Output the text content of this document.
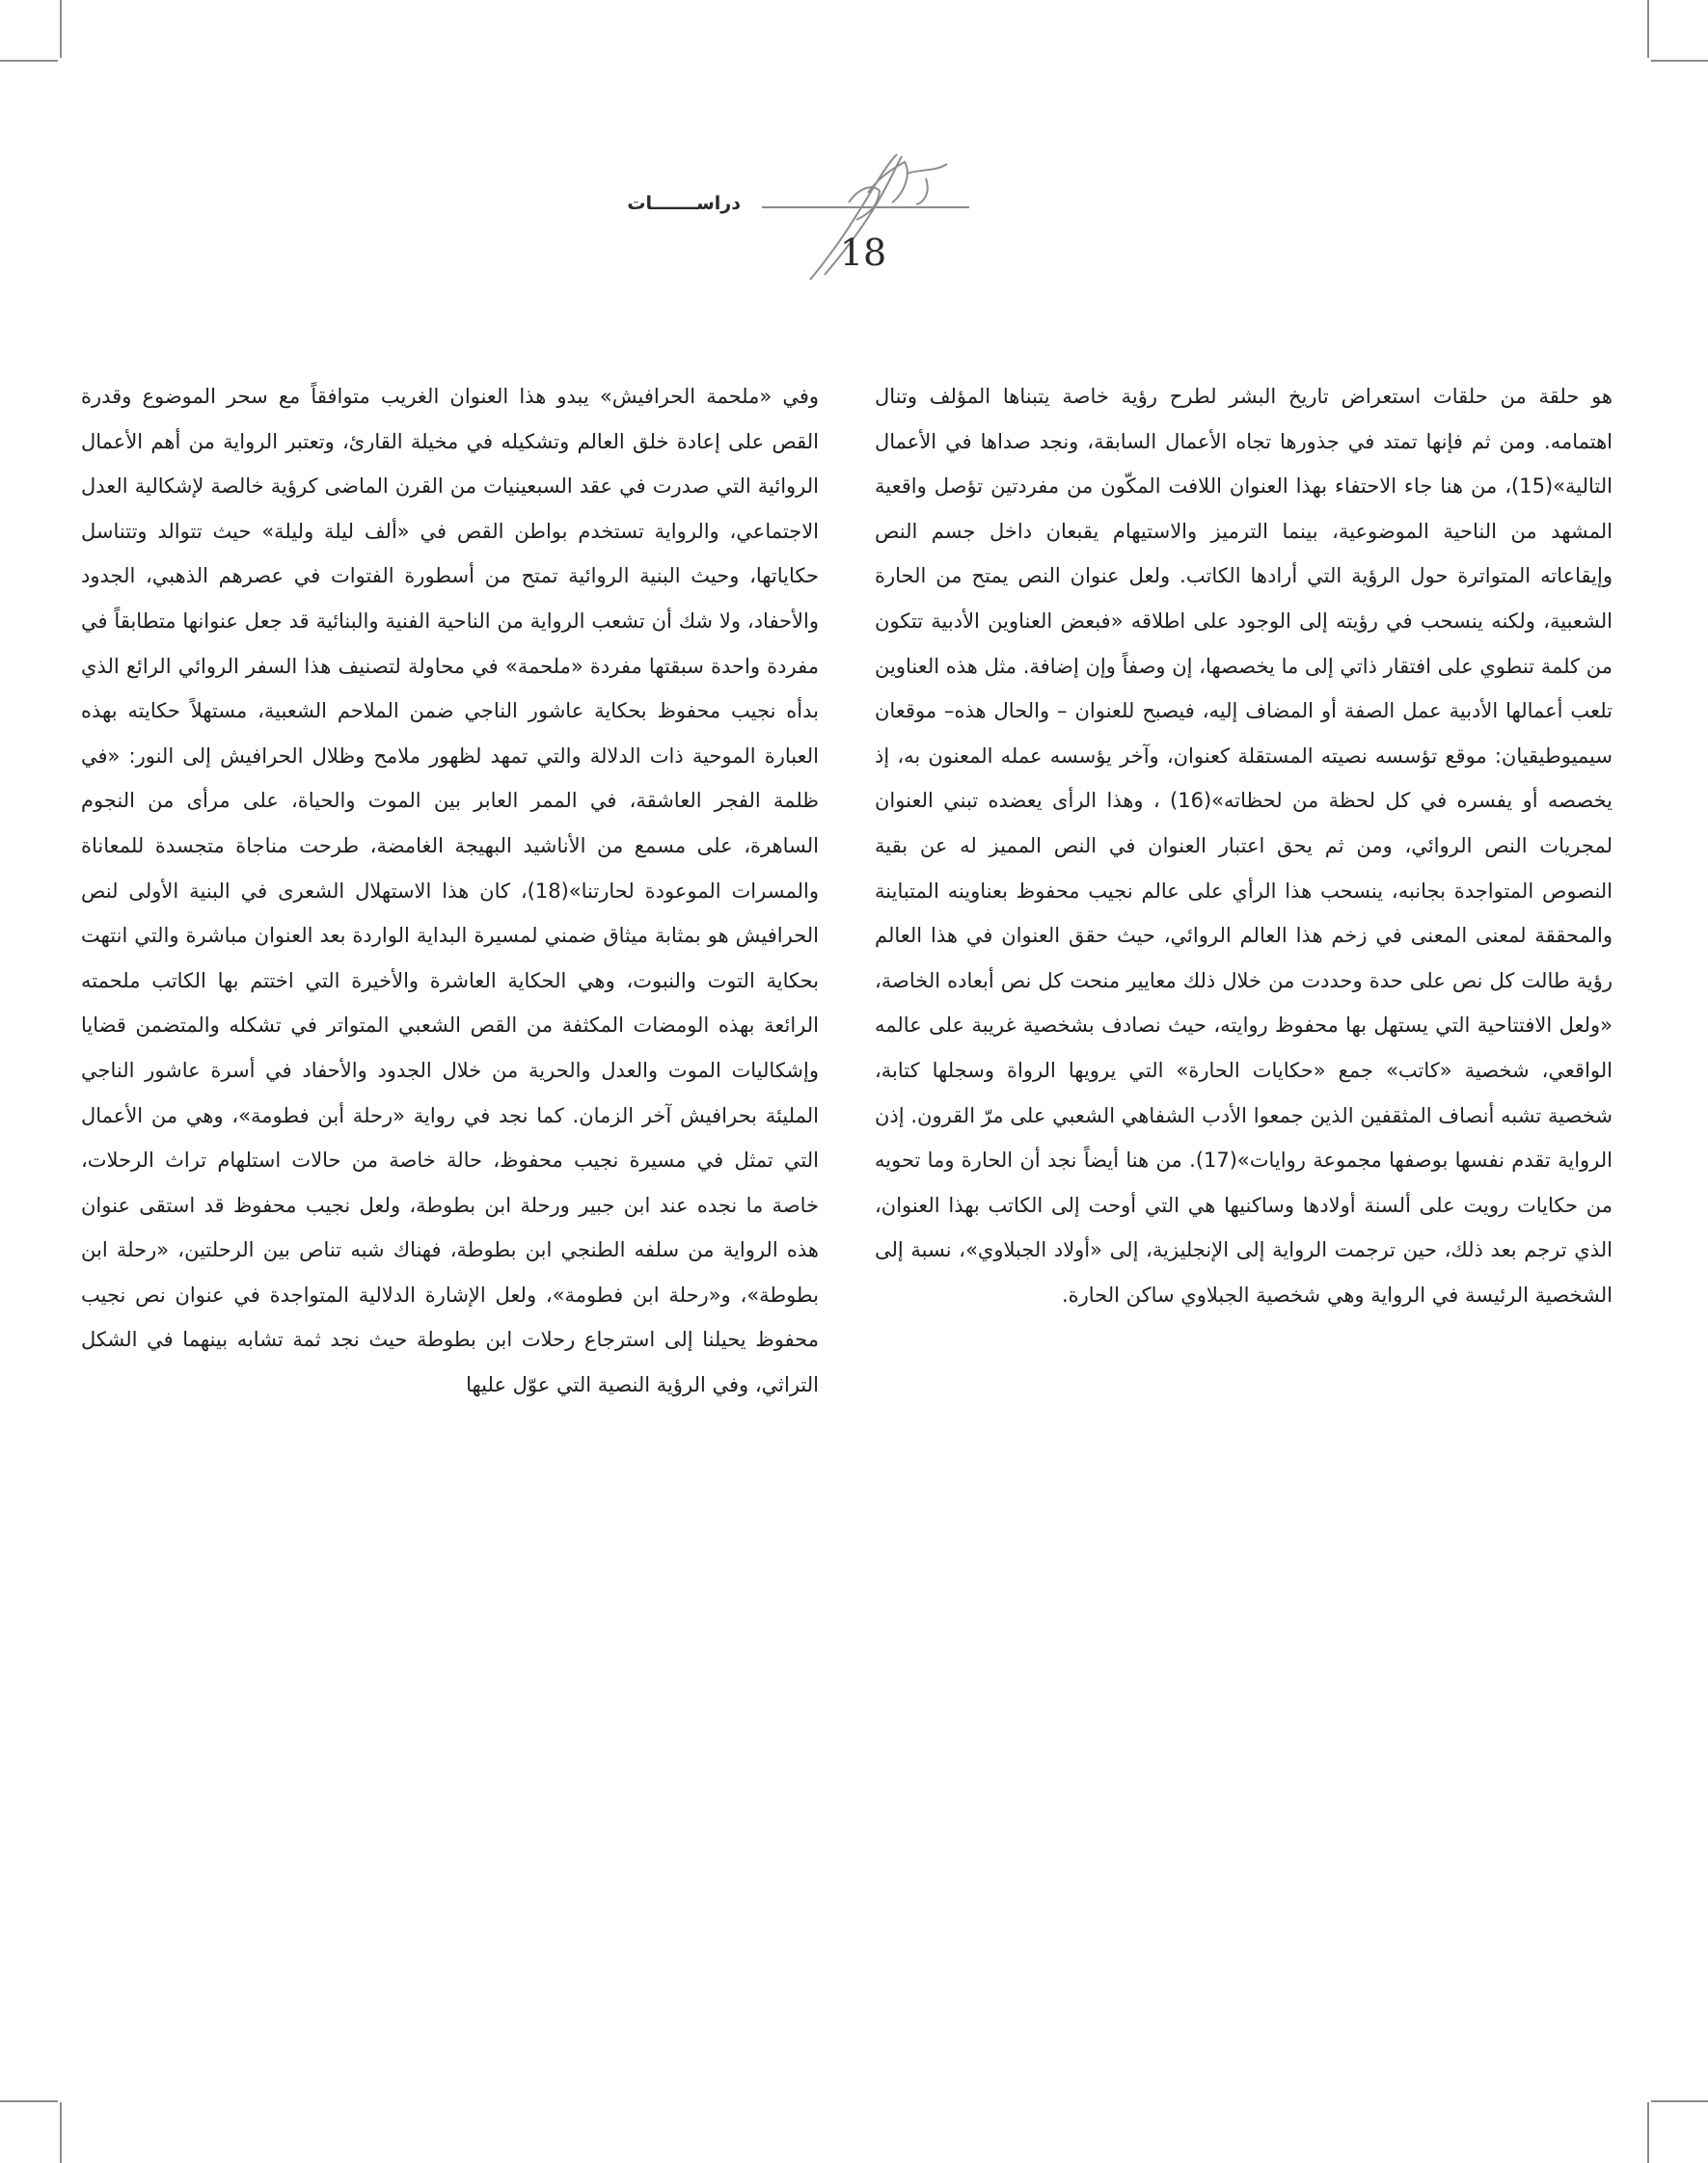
دراســـــــات
18

هو حلقة من حلقات استعراض تاريخ البشر لطرح رؤية خاصة يتبناها المؤلف وتنال اهتمامه. ومن ثم فإنها تمتد في جذورها تجاه الأعمال السابقة، ونجد صداها في الأعمال التالية»(15)، من هنا جاء الاحتفاء بهذا العنوان اللافت المكّون من مفردتين تؤصل واقعية المشهد من الناحية الموضوعية، بينما الترميز والاستيهام يقبعان داخل جسم النص وإيقاعاته المتواترة حول الرؤية التي أرادها الكاتب. ولعل عنوان النص يمتح من الحارة الشعبية، ولكنه ينسحب في رؤيته إلى الوجود على اطلاقه «فبعض العناوين الأدبية تتكون من كلمة تنطوي على افتقار ذاتي إلى ما يخصصها، إن وصفاً وإن إضافة. مثل هذه العناوين تلعب أعمالها الأدبية عمل الصفة أو المضاف إليه، فيصبح للعنوان – والحال هذه– موقعان سيميوطيقيان: موقع تؤسسه نصيته المستقلة كعنوان، وآخر يؤسسه عمله المعنون به، إذ يخصصه أو يفسره في كل لحظة من لحظاته»(16) ، وهذا الرأى يعضده تبني العنوان لمجريات النص الروائي، ومن ثم يحق اعتبار العنوان في النص المميز له عن بقية النصوص المتواجدة بجانبه، ينسحب هذا الرأي على عالم نجيب محفوظ بعناوينه المتباينة والمحققة لمعنى المعنى في زخم هذا العالم الروائي، حيث حقق العنوان في هذا العالم رؤية طالت كل نص على حدة وحددت من خلال ذلك معايير منحت كل نص أبعاده الخاصة، «ولعل الافتتاحية التي يستهل بها محفوظ روايته، حيث نصادف بشخصية غريبة على عالمه الواقعي، شخصية «كاتب» جمع «حكايات الحارة» التي يرويها الرواة وسجلها كتابة، شخصية تشبه أنصاف المثقفين الذين جمعوا الأدب الشفاهي الشعبي على مرّ القرون. إذن الرواية تقدم نفسها بوصفها مجموعة روايات»(17). من هنا أيضاً نجد أن الحارة وما تحويه من حكايات رويت على ألسنة أولادها وساكنيها هي التي أوحت إلى الكاتب بهذا العنوان، الذي ترجم بعد ذلك، حين ترجمت الرواية إلى الإنجليزية، إلى «أولاد الجبلاوي»، نسبة إلى الشخصية الرئيسة في الرواية وهي شخصية الجبلاوي ساكن الحارة.

وفي «ملحمة الحرافيش» يبدو هذا العنوان الغريب متوافقاً مع سحر الموضوع وقدرة القص على إعادة خلق العالم وتشكيله في مخيلة القارئ، وتعتبر الرواية من أهم الأعمال الروائية التي صدرت في عقد السبعينيات من القرن الماضى كرؤية خالصة لإشكالية العدل الاجتماعي، والرواية تستخدم بواطن القص في «ألف ليلة وليلة» حيث تتوالد وتتناسل حكاياتها، وحيث البنية الروائية تمتح من أسطورة الفتوات في عصرهم الذهبي، الجدود والأحفاد، ولا شك أن تشعب الرواية من الناحية الفنية والبنائية قد جعل عنوانها متطابقاً في مفردة واحدة سبقتها مفردة «ملحمة» في محاولة لتصنيف هذا السفر الروائي الرائع الذي بدأه نجيب محفوظ بحكاية عاشور الناجي ضمن الملاحم الشعبية، مستهلاً حكايته بهذه العبارة الموحية ذات الدلالة والتي تمهد لظهور ملامح وظلال الحرافيش إلى النور: «في ظلمة الفجر العاشقة، في الممر العابر بين الموت والحياة، على مرأى من النجوم الساهرة، على مسمع من الأناشيد البهيجة الغامضة، طرحت مناجاة متجسدة للمعاناة والمسرات الموعودة لحارتنا»(18)، كان هذا الاستهلال الشعرى في البنية الأولى لنص الحرافيش هو بمثابة ميثاق ضمني لمسيرة البداية الواردة بعد العنوان مباشرة والتي انتهت بحكاية التوت والنبوت، وهي الحكاية العاشرة والأخيرة التي اختتم بها الكاتب ملحمته الرائعة بهذه الومضات المكثفة من القص الشعبي المتواتر في تشكله والمتضمن قضايا وإشكاليات الموت والعدل والحرية من خلال الجدود والأحفاد في أسرة عاشور الناجي المليئة بحرافيش آخر الزمان. كما نجد في رواية «رحلة أبن فطومة»، وهي من الأعمال التي تمثل في مسيرة نجيب محفوظ، حالة خاصة من حالات استلهام تراث الرحلات، خاصة ما نجده عند ابن جبير ورحلة ابن بطوطة، ولعل نجيب محفوظ قد استقى عنوان هذه الرواية من سلفه الطنجي ابن بطوطة، فهناك شبه تناص بين الرحلتين، «رحلة ابن بطوطة»، و«رحلة ابن فطومة»، ولعل الإشارة الدلالية المتواجدة في عنوان نص نجيب محفوظ يحيلنا إلى استرجاع رحلات ابن بطوطة حيث نجد ثمة تشابه بينهما في الشكل التراثي، وفي الرؤية النصية التي عوّل عليها
